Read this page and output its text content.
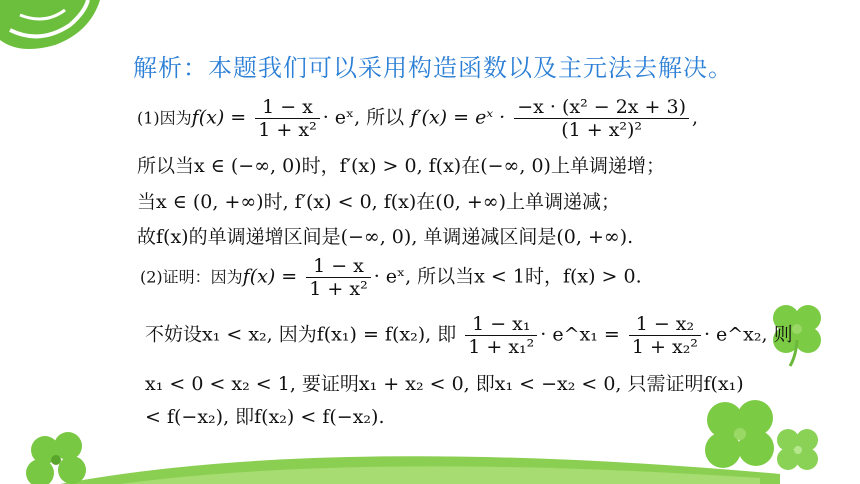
解析：本题我们可以采用构造函数以及主元法去解决。
(1)因为$f(x) = \frac{1 - x}{\text{1 + x²}}$ · eˣ, 所以 f′(x) = eˣ · $\frac{\text{−x · (x² − 2x + 3)}}{\text{(1 + x²)²}}$ ,
所以当x ∈ (−∞, 0)时，f′(x) > 0, f(x)在(−∞, 0)上单调递增；
当x ∈ (0, +∞)时, f′(x) < 0, f(x)在(0, +∞)上单调递减；
故f(x)的单调递增区间是(−∞, 0), 单调递减区间是(0, +∞).
(2)证明：因为$f(x) = \frac{1 - x}{\text{1 + x²}}$ · eˣ, 所以当x < 1时，f(x) > 0.
不妨设x₁ < x₂, 因为f(x₁) = f(x₂), 即 $\frac{\text{1 − x₁}}{\text{1 + x₁²}}$ · e^x₁ = $\frac{\text{1 − x₂}}{\text{1 + x₂²}}$ · e^x₂, 则
x₁ < 0 < x₂ < 1, 要证明x₁ + x₂ < 0, 即x₁ < −x₂ < 0, 只需证明f(x₁)
< f(−x₂), 即f(x₂) < f(−x₂).
